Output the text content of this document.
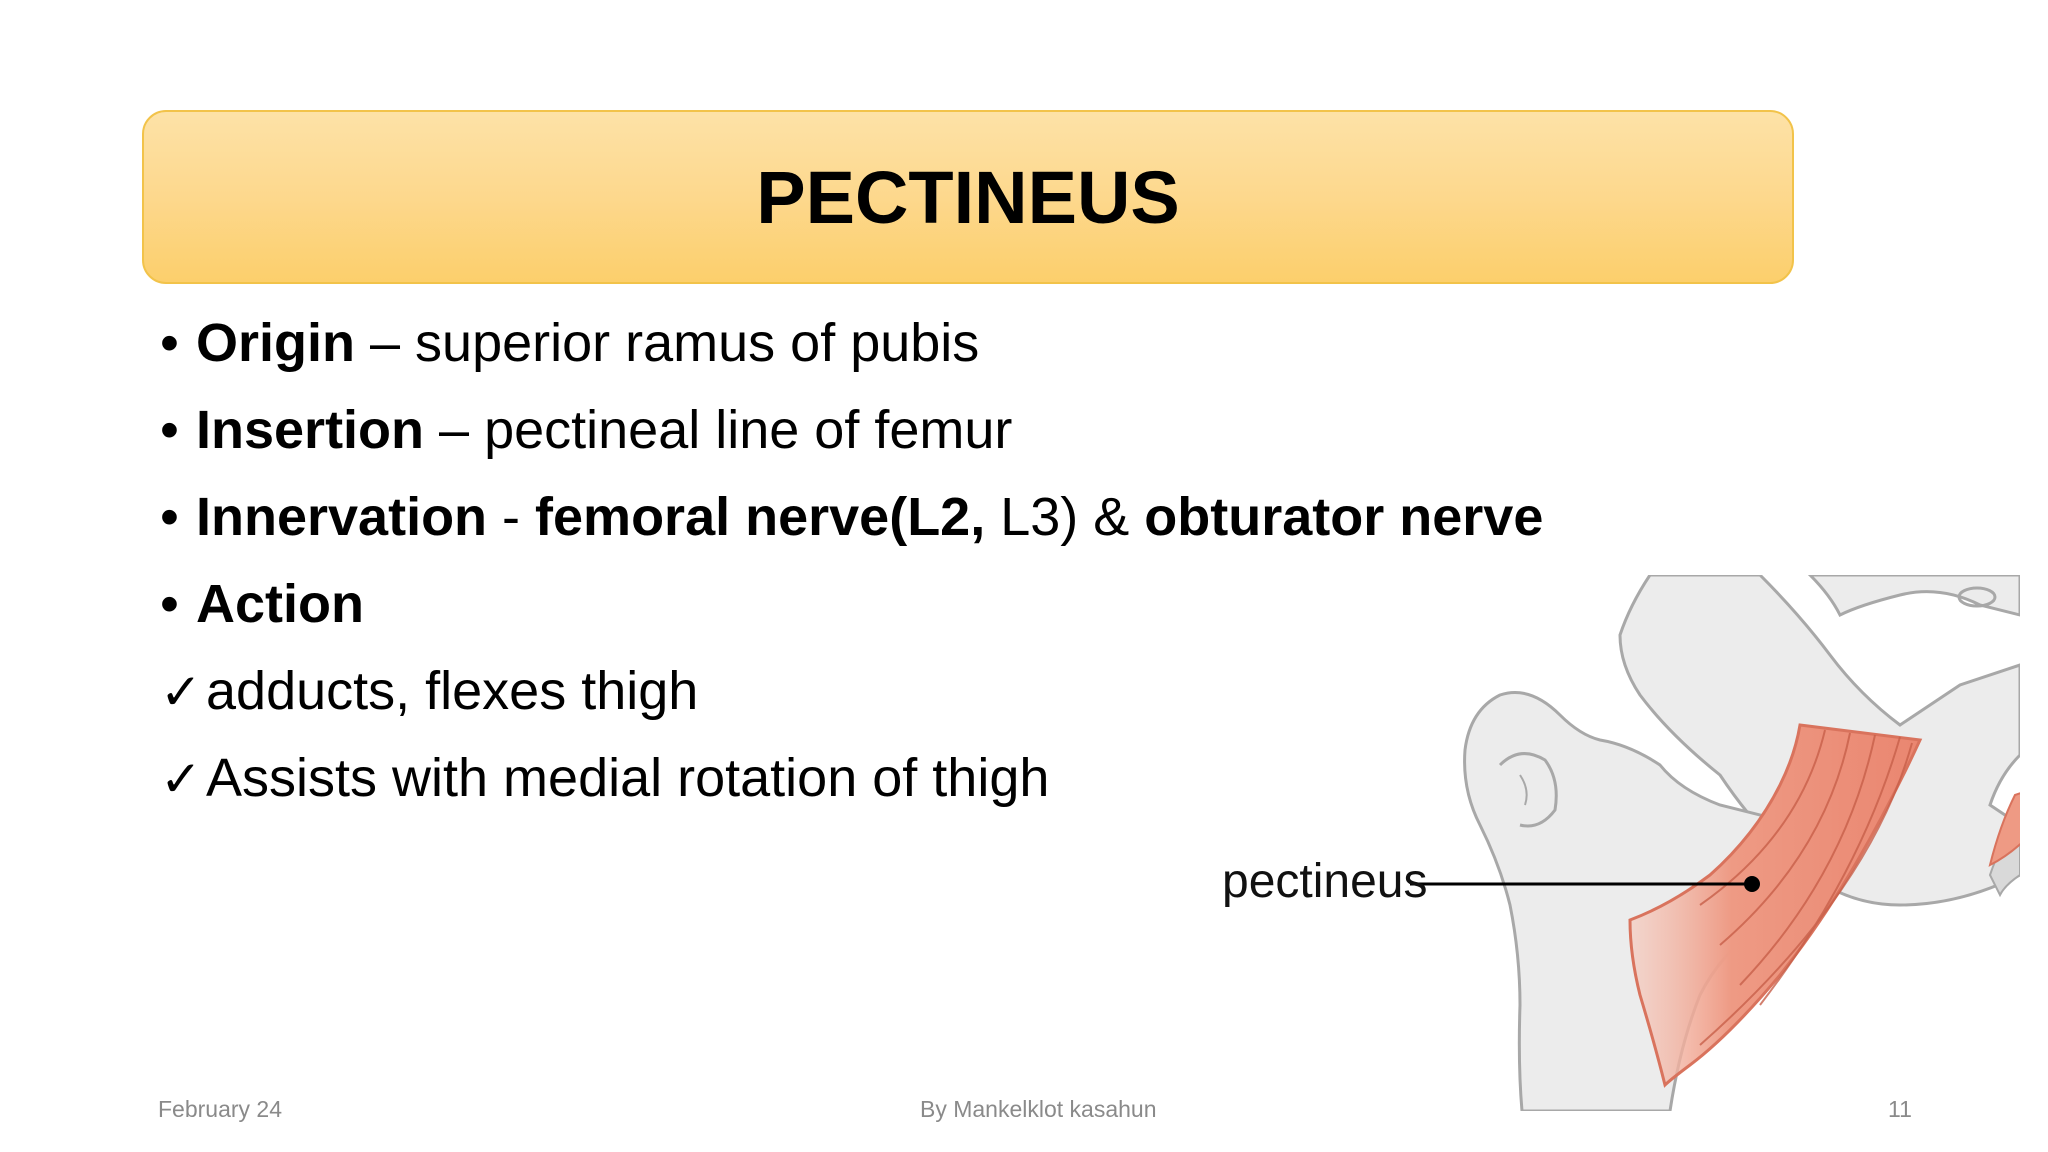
PECTINEUS
• Origin – superior ramus of pubis
• Insertion – pectineal line of femur
• Innervation - femoral nerve(L2, L3) & obturator nerve
• Action
✓adducts, flexes thigh
✓Assists with medial rotation of thigh
pectineus
February 24	By Mankelklot kasahun	11
